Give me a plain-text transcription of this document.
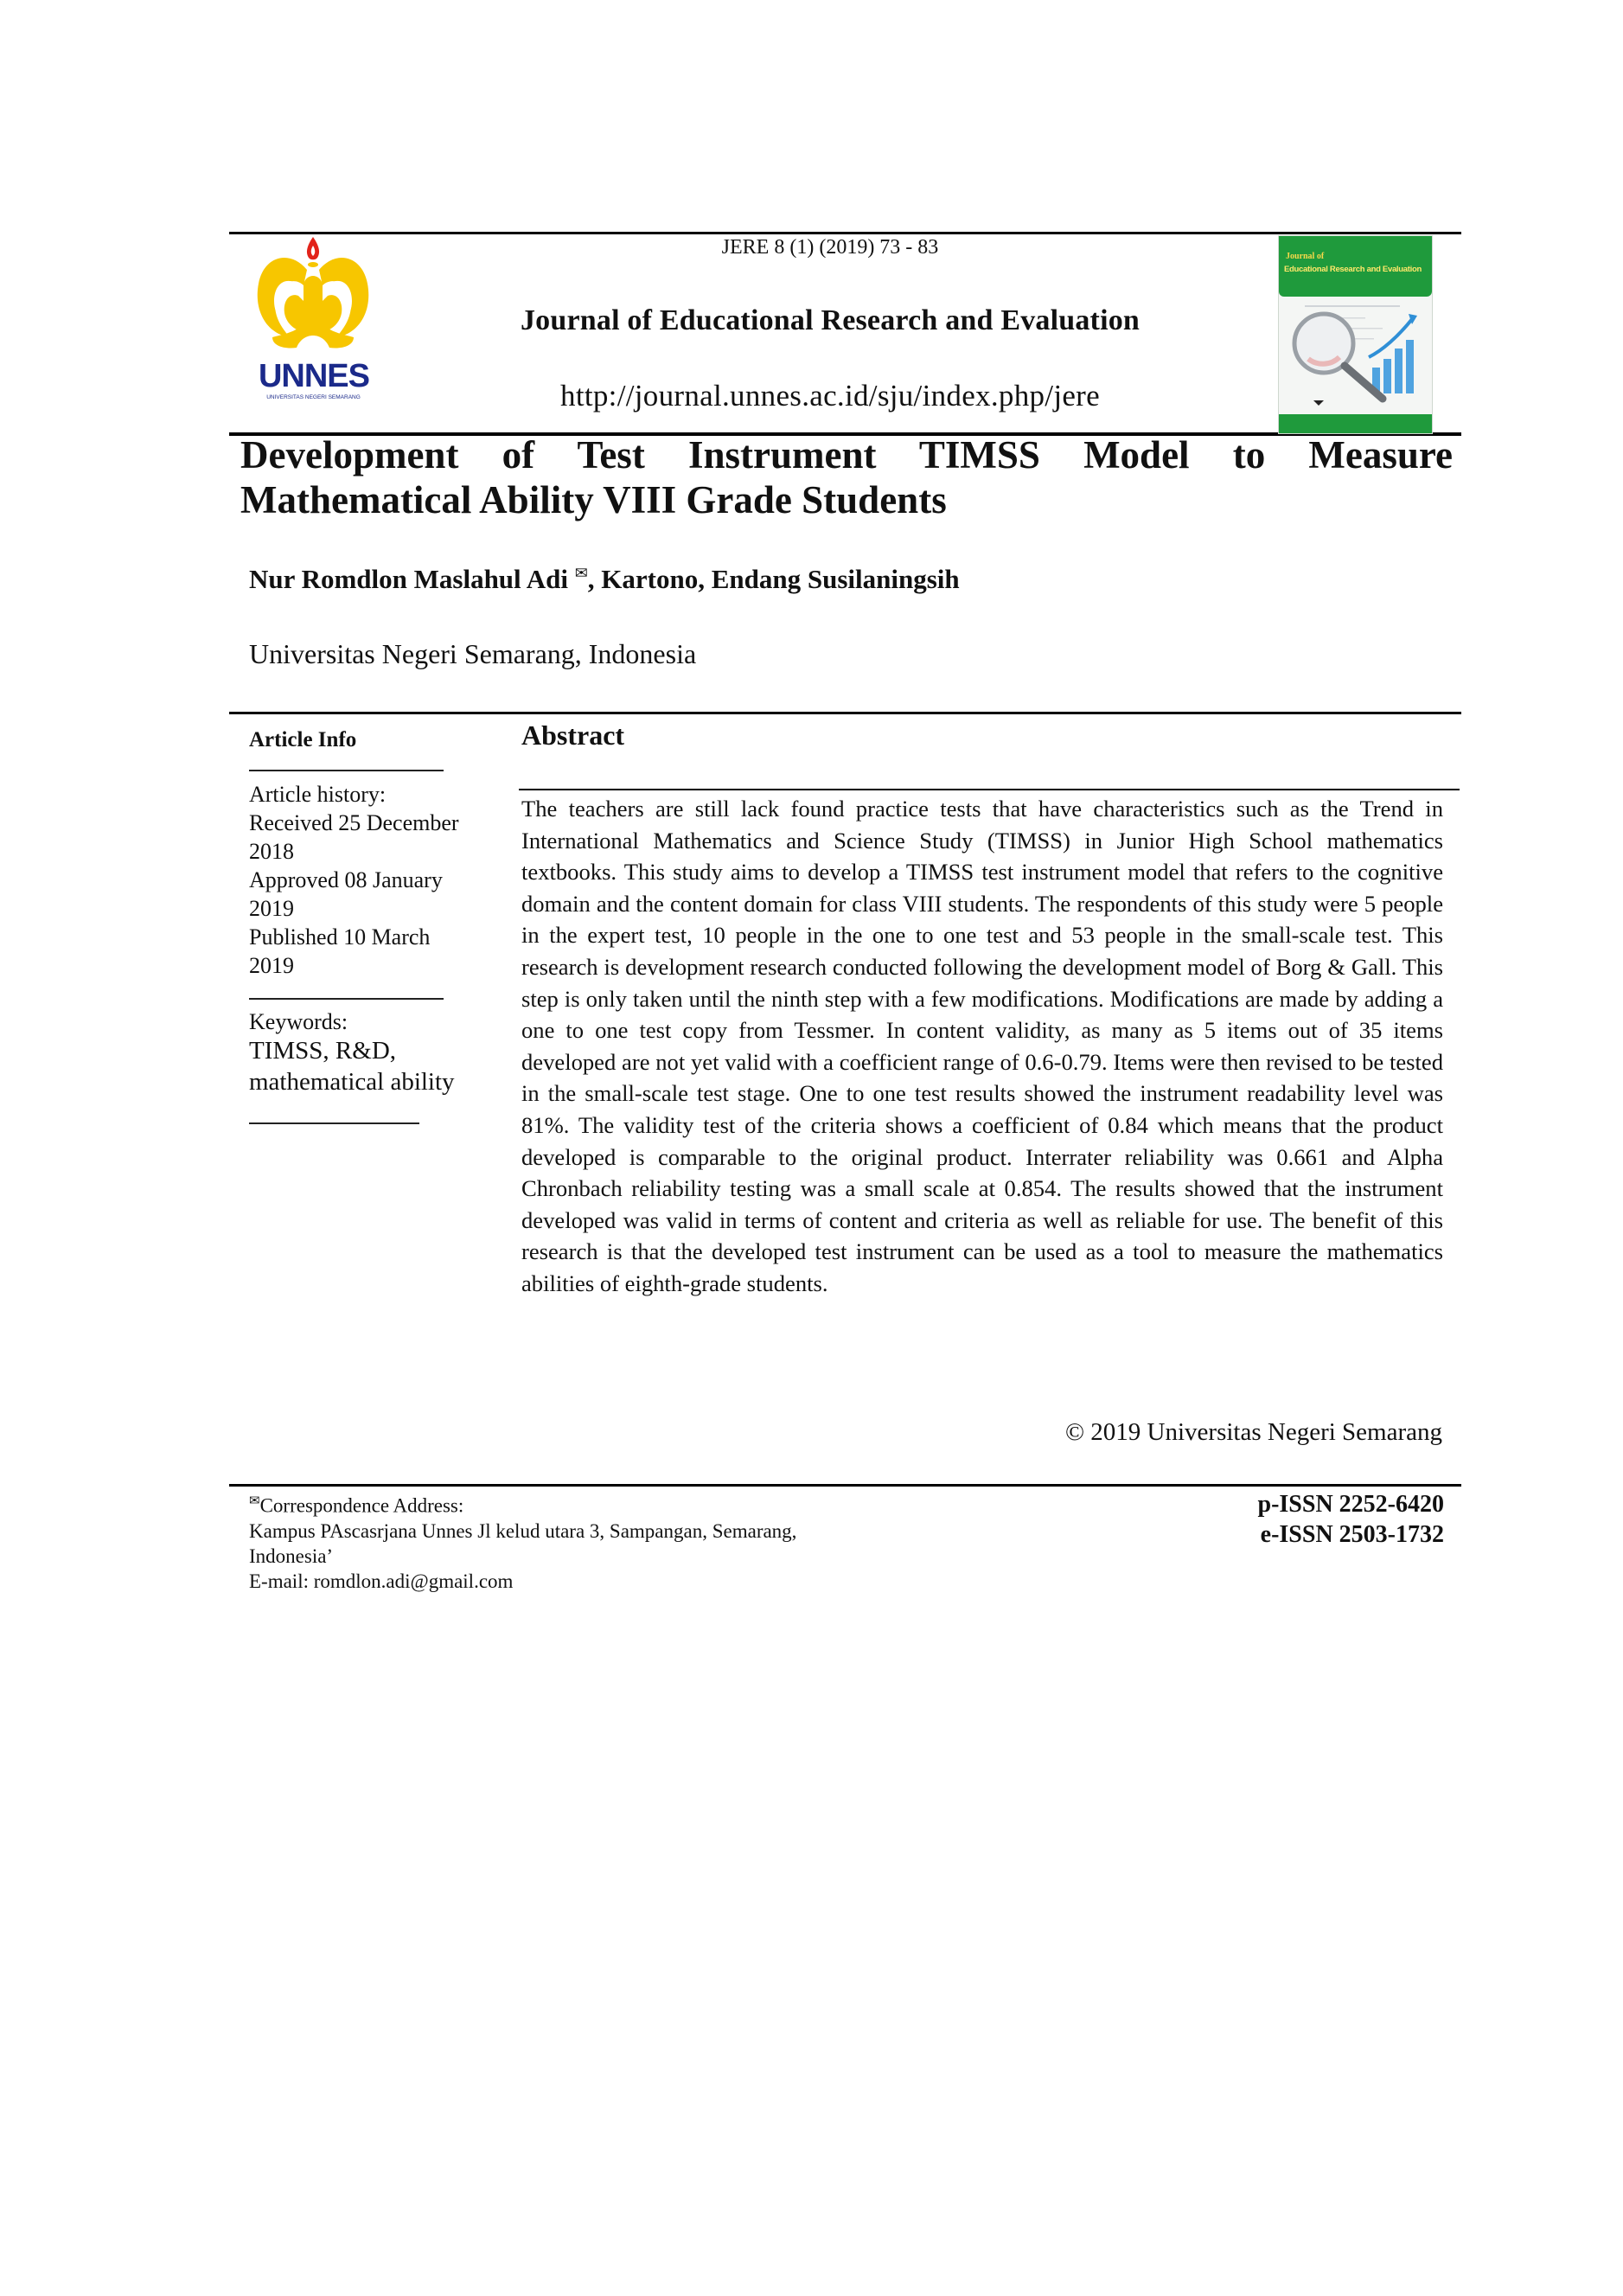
UNNES
UNIVERSITAS NEGERI SEMARANG
JERE 8 (1) (2019) 73 - 83
Journal of Educational Research and Evaluation
http://journal.unnes.ac.id/sju/index.php/jere
Journal of
Educational Research and Evaluation
Development of Test Instrument TIMSS Model to Measure
Mathematical Ability VIII Grade Students
Nur Romdlon Maslahul Adi ✉, Kartono, Endang Susilaningsih
Universitas Negeri Semarang, Indonesia
Article Info
Article history:
Received 25 December
2018
Approved 08 January
2019
Published 10 March
2019
Keywords:
TIMSS, R&D,
mathematical ability
Abstract
The teachers are still lack found practice tests that have characteristics such as the Trend in International Mathematics and Science Study (TIMSS) in Junior High School mathematics textbooks. This study aims to develop a TIMSS test instrument model that refers to the cognitive domain and the content domain for class VIII students. The respondents of this study were 5 people in the expert test, 10 people in the one to one test and 53 people in the small-scale test. This research is development research conducted following the development model of Borg & Gall. This step is only taken until the ninth step with a few modifications. Modifications are made by adding a one to one test copy from Tessmer. In content validity, as many as 5 items out of 35 items developed are not yet valid with a coefficient range of 0.6-0.79. Items were then revised to be tested in the small-scale test stage. One to one test results showed the instrument readability level was 81%. The validity test of the criteria shows a coefficient of 0.84 which means that the product developed is comparable to the original product. Interrater reliability was 0.661 and Alpha Chronbach reliability testing was a small scale at 0.854. The results showed that the instrument developed was valid in terms of content and criteria as well as reliable for use. The benefit of this research is that the developed test instrument can be used as a tool to measure the mathematics abilities of eighth-grade students.
© 2019 Universitas Negeri Semarang
✉Correspondence Address:
Kampus PAscasrjana Unnes Jl kelud utara 3, Sampangan, Semarang,
Indonesia’
E-mail: romdlon.adi@gmail.com
p-ISSN 2252-6420
e-ISSN 2503-1732
